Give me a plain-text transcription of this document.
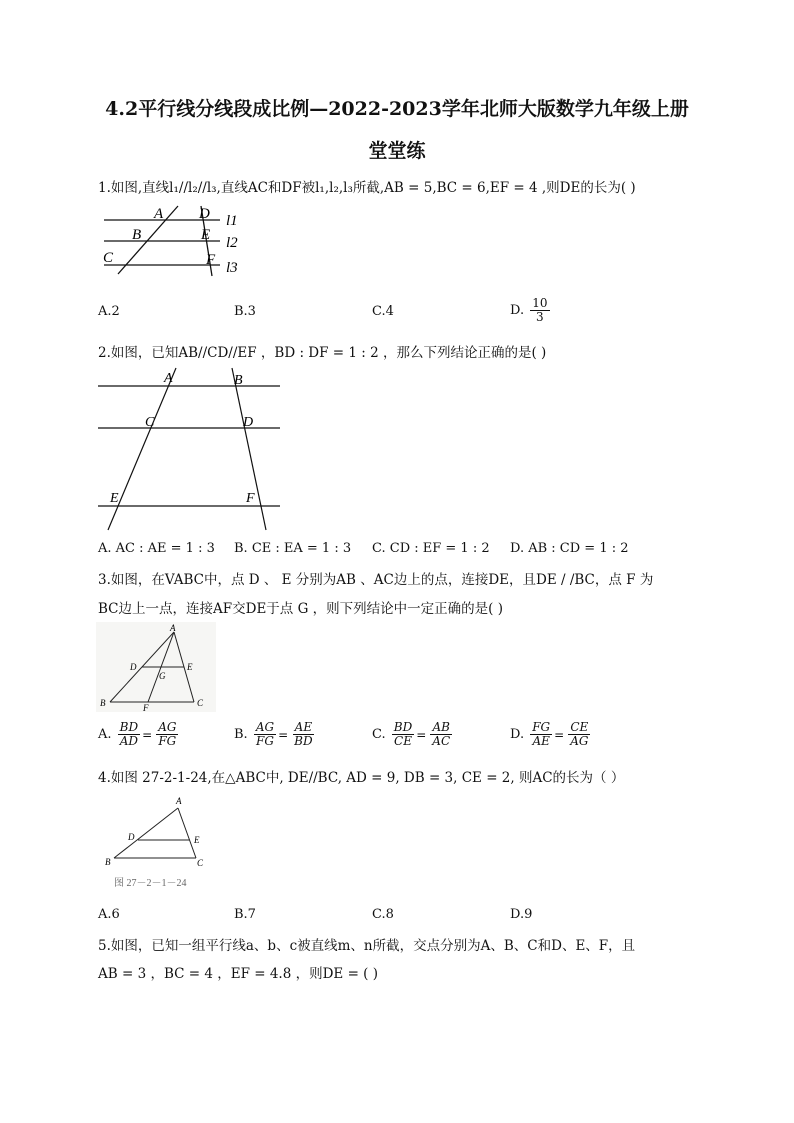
4.2平行线分线段成比例—2022-2023学年北师大版数学九年级上册
堂堂练
1.如图,直线l₁//l₂//l₃,直线AC和DF被l₁,l₂,l₃所截,AB = 5,BC = 6,EF = 4 ,则DE的长为( )
A
B
C
D
E
F
l1
l2
l3
A.2	B.3	C.4	D. $\frac{10}{3}$
2.如图，已知AB//CD//EF ，BD : DF = 1 : 2 ，那么下列结论正确的是( )
A	B
C	D
E	F
A. AC : AE = 1 : 3 B. CE : EA = 1 : 3 C. CD : EF = 1 : 2 D. AB : CD = 1 : 2
3.如图，在VABC中，点 D 、 E 分别为AB 、AC边上的点，连接DE，且DE / /BC，点 F 为
BC边上一点，连接AF交DE于点 G ，则下列结论中一定正确的是( )
A
D	E
G
B	F	C
A. $\frac{BD}{AD} = \frac{AG}{FG}$	B. $\frac{AG}{FG} = \frac{AE}{BD}$	C. $\frac{BD}{CE} = \frac{AB}{AC}$	D. $\frac{FG}{AE} = \frac{CE}{AG}$
4.如图 27-2-1-24,在△ABC中, DE//BC, AD = 9, DB = 3, CE = 2, 则AC的长为（ ）
A
D	E
B	C
图 27－2－1－24
A.6	B.7	C.8	D.9
5.如图，已知一组平行线a、b、c被直线m、n所截，交点分别为A、B、C和D、E、F，且
AB = 3 ，BC = 4 ，EF = 4.8 ，则DE = ( )
